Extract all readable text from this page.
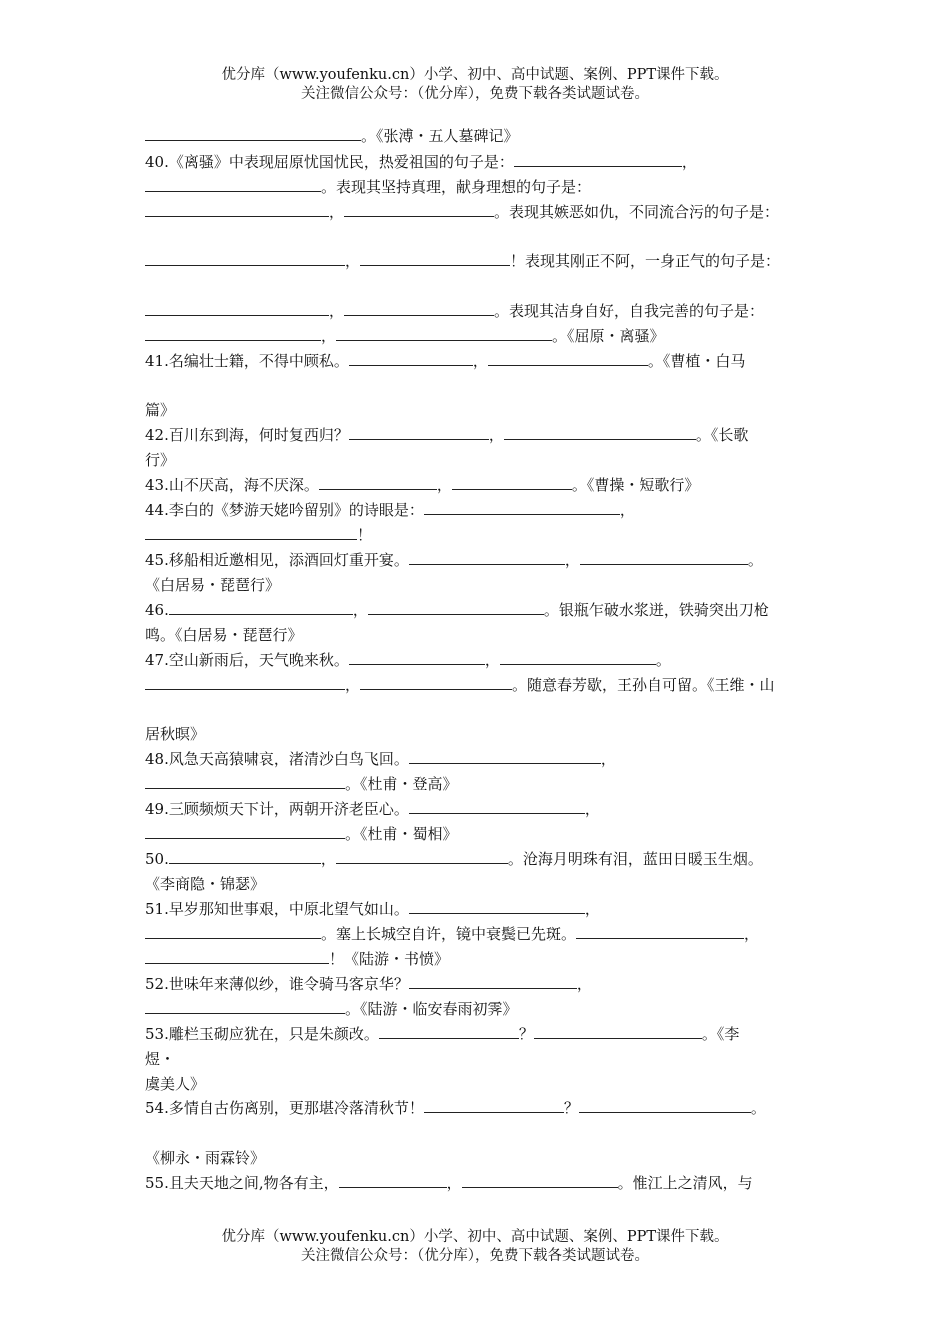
优分库（www.youfenku.cn）小学、初中、高中试题、案例、PPT课件下载。
关注微信公众号：（优分库），免费下载各类试题试卷。
。《张溥・五人墓碑记》
40.《离骚》中表现屈原忧国忧民，热爱祖国的句子是：	，
。表现其坚持真理，献身理想的句子是：
，	。表现其嫉恶如仇，不同流合污的句子是：
，	！表现其刚正不阿，一身正气的句子是：
，	。表现其洁身自好，自我完善的句子是：
，	。《屈原・离骚》
41.名编壮士籍，不得中顾私。	，	。《曹植・白马
篇》
42.百川东到海，何时复西归？	，	。《长歌
行》
43.山不厌高，海不厌深。	，	。《曹操・短歌行》
44.李白的《梦游天姥吟留别》的诗眼是：	，
！
45.移船相近邀相见，添酒回灯重开宴。	，	。
《白居易・琵琶行》
46.	，	。银瓶乍破水浆迸，铁骑突出刀枪
鸣。《白居易・琵琶行》
47.空山新雨后，天气晚来秋。	，	。
，	。随意春芳歇，王孙自可留。《王维・山
居秋暝》
48.风急天高猿啸哀，渚清沙白鸟飞回。	，
。《杜甫・登高》
49.三顾频烦天下计，两朝开济老臣心。	，
。《杜甫・蜀相》
50.	，	。沧海月明珠有泪，蓝田日暖玉生烟。
《李商隐・锦瑟》
51.早岁那知世事艰，中原北望气如山。	，
。塞上长城空自许，镜中衰鬓已先斑。	，
！《陆游・书愤》
52.世味年来薄似纱，谁令骑马客京华？	，
。《陆游・临安春雨初霁》
53.雕栏玉砌应犹在，只是朱颜改。	？	。《李
煜・
虞美人》
54.多情自古伤离别，更那堪冷落清秋节！	？	。
《柳永・雨霖铃》
55.且夫天地之间,物各有主，	，	。惟江上之清风，与
优分库（www.youfenku.cn）小学、初中、高中试题、案例、PPT课件下载。
关注微信公众号：（优分库），免费下载各类试题试卷。
